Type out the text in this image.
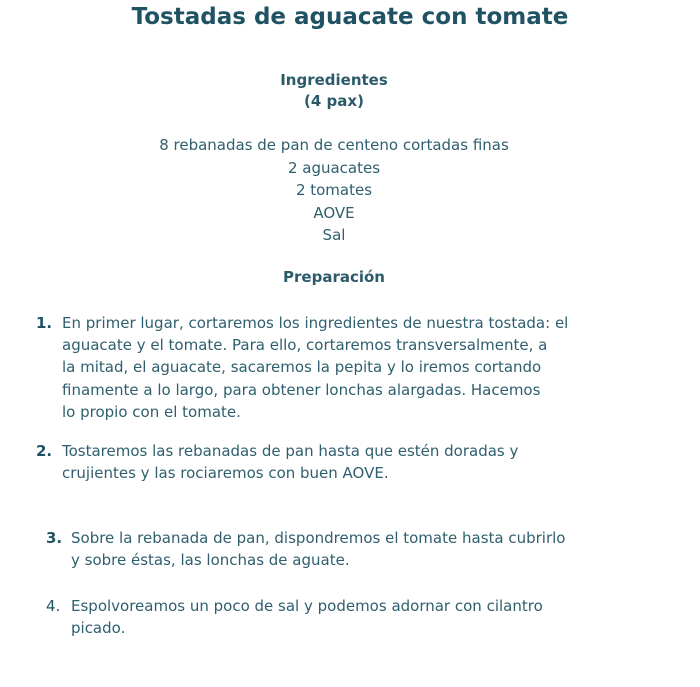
Tostadas de aguacate con tomate
Ingredientes
(4 pax)
8 rebanadas de pan de centeno cortadas finas
2 aguacates
2 tomates
AOVE
Sal
Preparación
1. En primer lugar, cortaremos los ingredientes de nuestra tostada: el
aguacate y el tomate. Para ello, cortaremos transversalmente, a
la mitad, el aguacate, sacaremos la pepita y lo iremos cortando
finamente a lo largo, para obtener lonchas alargadas. Hacemos
lo propio con el tomate.
2. Tostaremos las rebanadas de pan hasta que estén doradas y
crujientes y las rociaremos con buen AOVE.
3. Sobre la rebanada de pan, dispondremos el tomate hasta cubrirlo
y sobre éstas, las lonchas de aguate.
4. Espolvoreamos un poco de sal y podemos adornar con cilantro
picado.
